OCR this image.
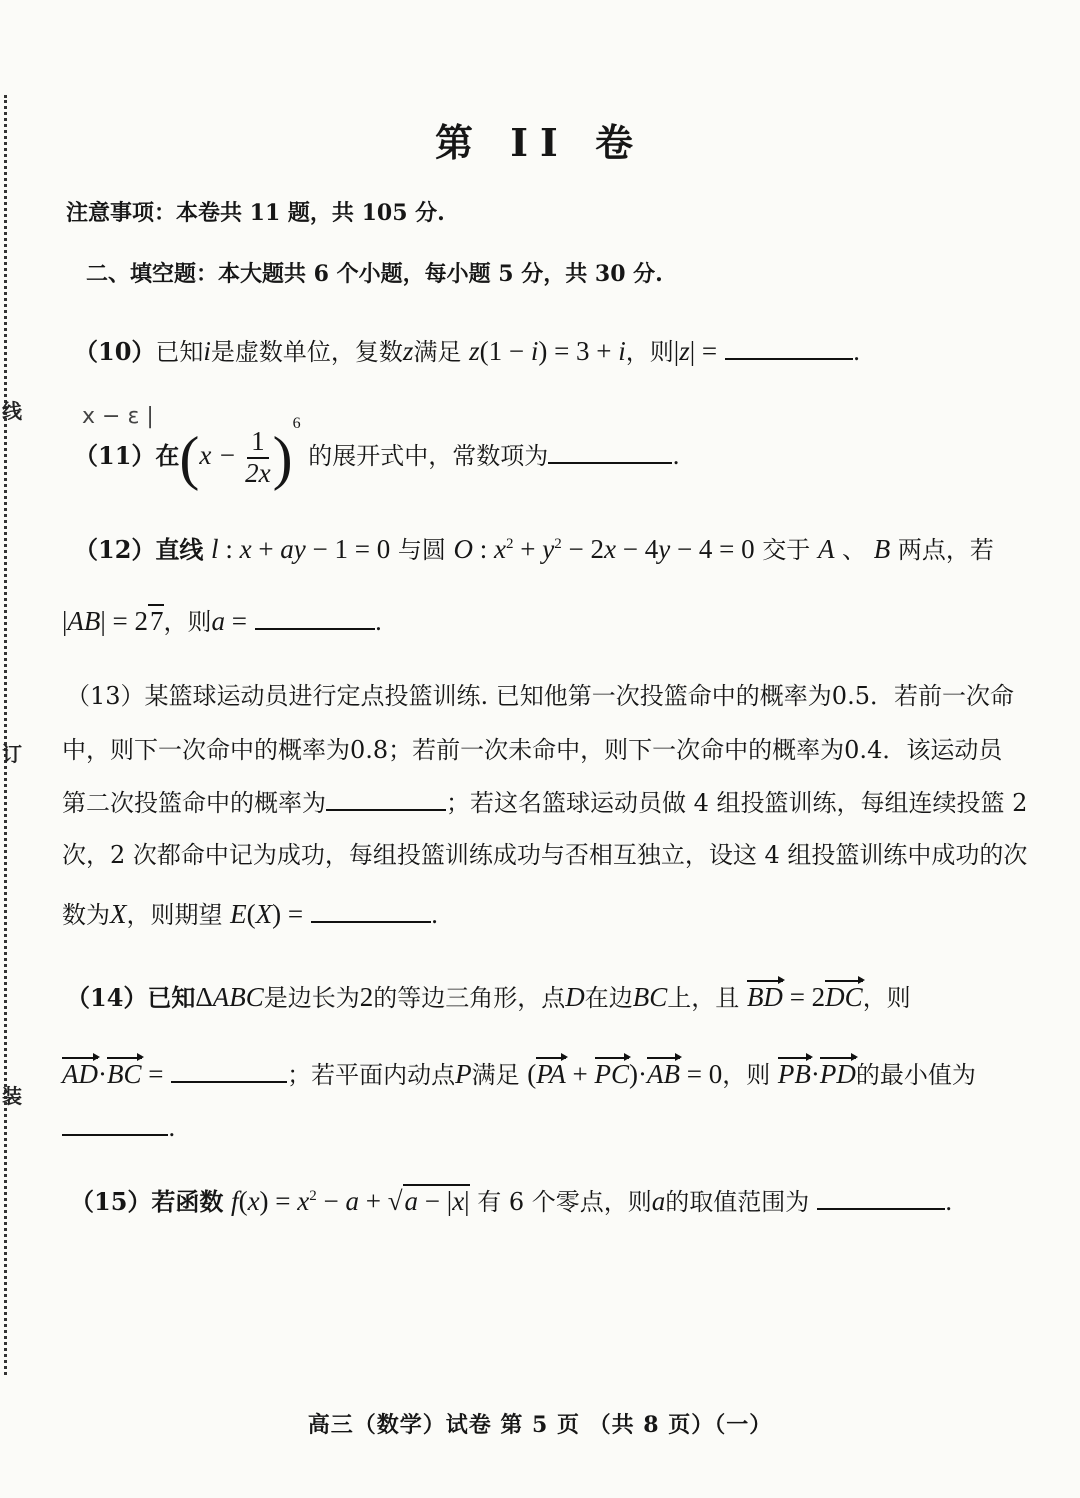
线
订
装
第 II 卷
注意事项：本卷共 11 题，共 105 分.
二、填空题：本大题共 6 个小题，每小题 5 分，共 30 分.
（10）已知i是虚数单位，复数z满足 z(1 − i) = 3 + i，则|z| =	.
x − ε |
（11）在$(x - \frac{1}{2x} )^6$ 的展开式中，常数项为	.
（12）直线 l : x + ay − 1 = 0 与圆 O : $x^2 + y^2 - 2x - 4y - 4 = 0$ 交于 A 、 B 两点，若
|AB| = 27，则a =	.
（13）某篮球运动员进行定点投篮训练. 已知他第一次投篮命中的概率为0.5．若前一次命
中，则下一次命中的概率为0.8；若前一次未命中，则下一次命中的概率为0.4．该运动员
第二次投篮命中的概率为	；若这名篮球运动员做 4 组投篮训练，每组连续投篮 2
次，2 次都命中记为成功，每组投篮训练成功与否相互独立，设这 4 组投篮训练中成功的次
数为X，则期望 E(X) =	.
（14）已知ΔABC是边长为2的等边三角形，点D在边BC上，且 BD = 2DC，则
AD·BC =	；若平面内动点P满足 (PA + PC)·AB = 0，则 PB·PD的最小值为
.
（15）若函数 $f(x) = x^2 - a + √a - |x|$ 有 6 个零点，则a的取值范围为	.
高三（数学）试卷 第 5 页 （共 8 页）（一）
